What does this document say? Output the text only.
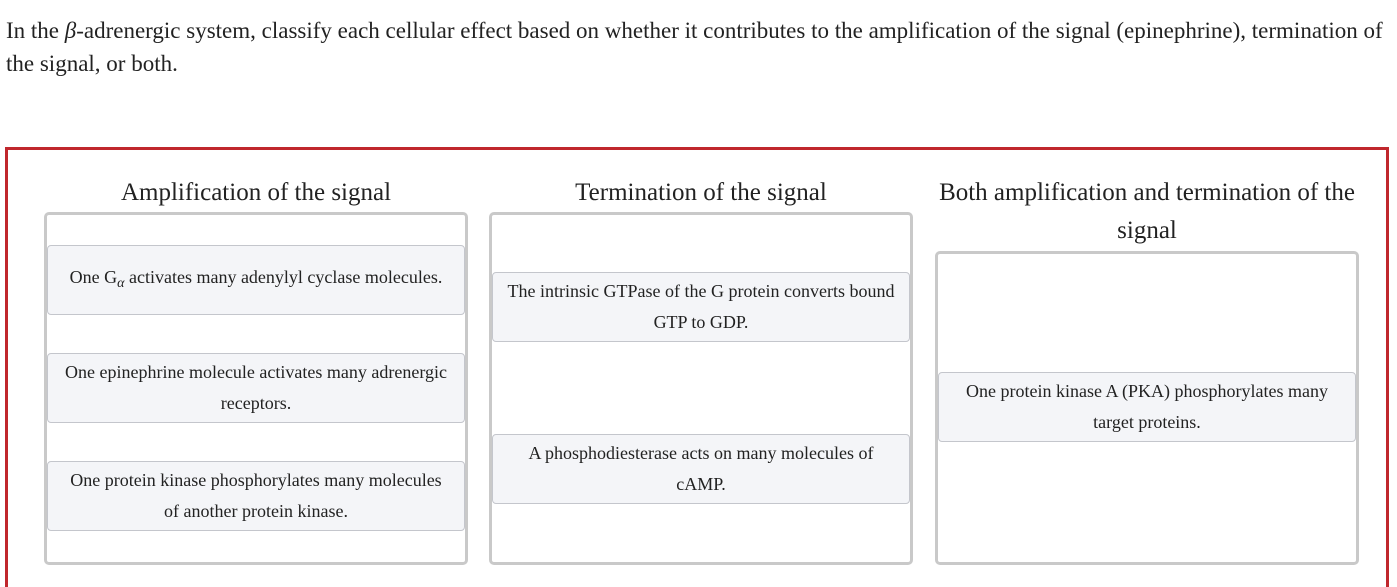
In the β-adrenergic system, classify each cellular effect based on whether it contributes to the amplification of the signal (epinephrine), termination of the signal, or both.
Amplification of the signal
One $G_\alpha$ activates many adenylyl cyclase molecules.
One epinephrine molecule activates many adrenergic receptors.
One protein kinase phosphorylates many molecules of another protein kinase.
Termination of the signal
The intrinsic GTPase of the G protein converts bound GTP to GDP.
A phosphodiesterase acts on many molecules of cAMP.
Both amplification and termination of the signal
One protein kinase A (PKA) phosphorylates many target proteins.
